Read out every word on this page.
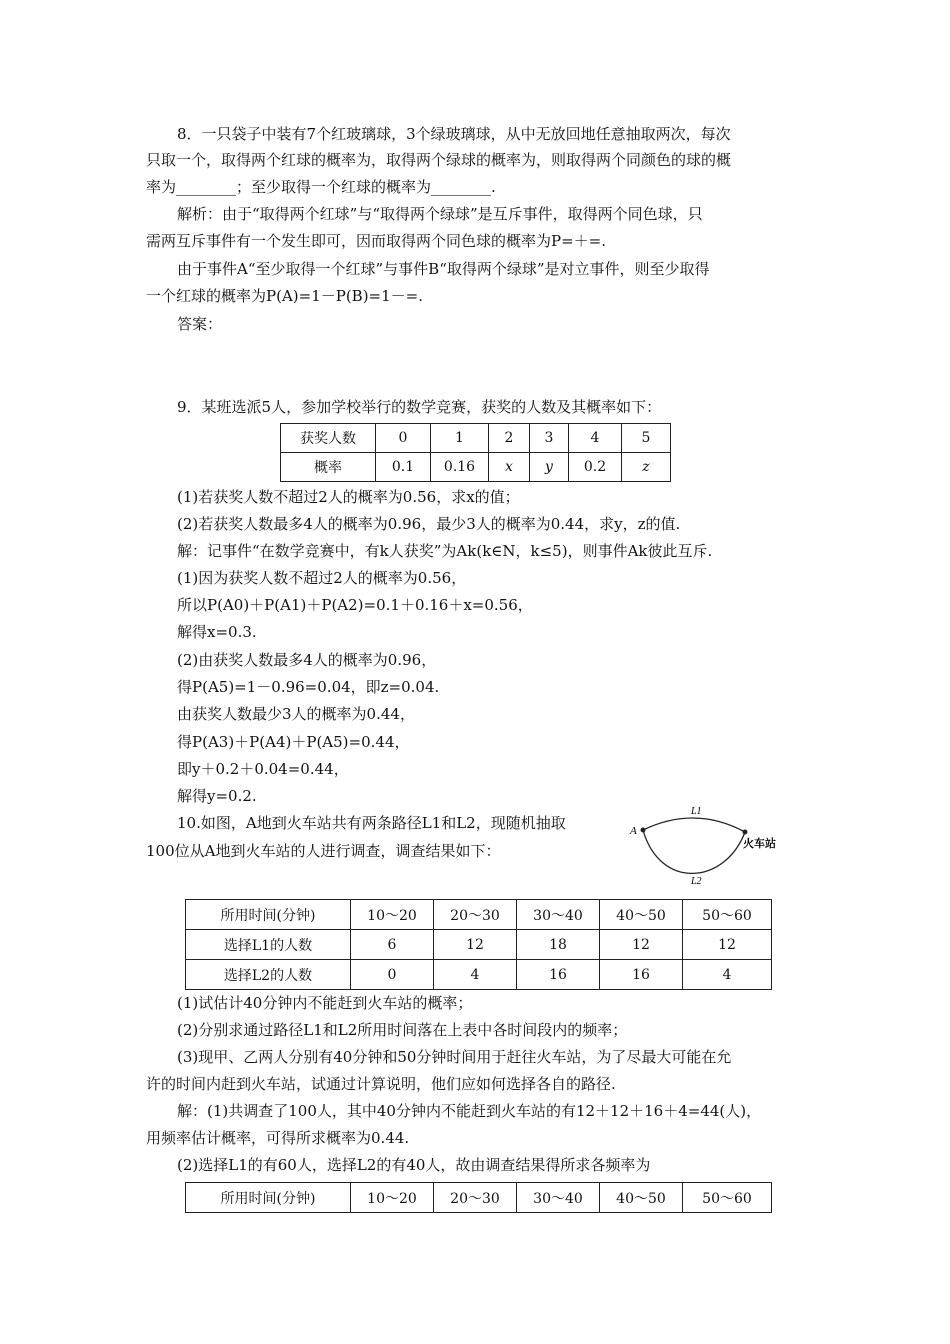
8．一只袋子中装有7个红玻璃球，3个绿玻璃球，从中无放回地任意抽取两次，每次
只取一个，取得两个红球的概率为，取得两个绿球的概率为，则取得两个同颜色的球的概
率为________；至少取得一个红球的概率为________.
解析：由于“取得两个红球”与“取得两个绿球”是互斥事件，取得两个同色球，只
需两互斥事件有一个发生即可，因而取得两个同色球的概率为P=＋=.
由于事件A“至少取得一个红球”与事件B“取得两个绿球”是对立事件，则至少取得
一个红球的概率为P(A)=1－P(B)=1－=.
答案：
9．某班选派5人，参加学校举行的数学竞赛，获奖的人数及其概率如下：
获奖人数	0	1	2	3	4	5
概率	0.1	0.16	x	y	0.2	z
(1)若获奖人数不超过2人的概率为0.56，求x的值；
(2)若获奖人数最多4人的概率为0.96，最少3人的概率为0.44，求y，z的值.
解：记事件“在数学竞赛中，有k人获奖”为Ak(k∈N，k≤5)，则事件Ak彼此互斥.
(1)因为获奖人数不超过2人的概率为0.56，
所以P(A0)＋P(A1)＋P(A2)=0.1＋0.16＋x=0.56，
解得x=0.3.
(2)由获奖人数最多4人的概率为0.96，
得P(A5)=1－0.96=0.04，即z=0.04.
由获奖人数最少3人的概率为0.44，
得P(A3)＋P(A4)＋P(A5)=0.44，
即y＋0.2＋0.04=0.44，
解得y=0.2.
10.如图，A地到火车站共有两条路径L1和L2，现随机抽取
100位从A地到火车站的人进行调查，调查结果如下：
A
火车站
L1
L2
所用时间(分钟)	10～20	20～30	30～40	40～50	50～60
选择L1的人数	6	12	18	12	12
选择L2的人数	0	4	16	16	4
(1)试估计40分钟内不能赶到火车站的概率；
(2)分别求通过路径L1和L2所用时间落在上表中各时间段内的频率；
(3)现甲、乙两人分别有40分钟和50分钟时间用于赶往火车站，为了尽最大可能在允
许的时间内赶到火车站，试通过计算说明，他们应如何选择各自的路径.
解：(1)共调查了100人，其中40分钟内不能赶到火车站的有12＋12＋16＋4=44(人)，
用频率估计概率，可得所求概率为0.44.
(2)选择L1的有60人，选择L2的有40人，故由调查结果得所求各频率为
所用时间(分钟)	10～20	20～30	30～40	40～50	50～60
